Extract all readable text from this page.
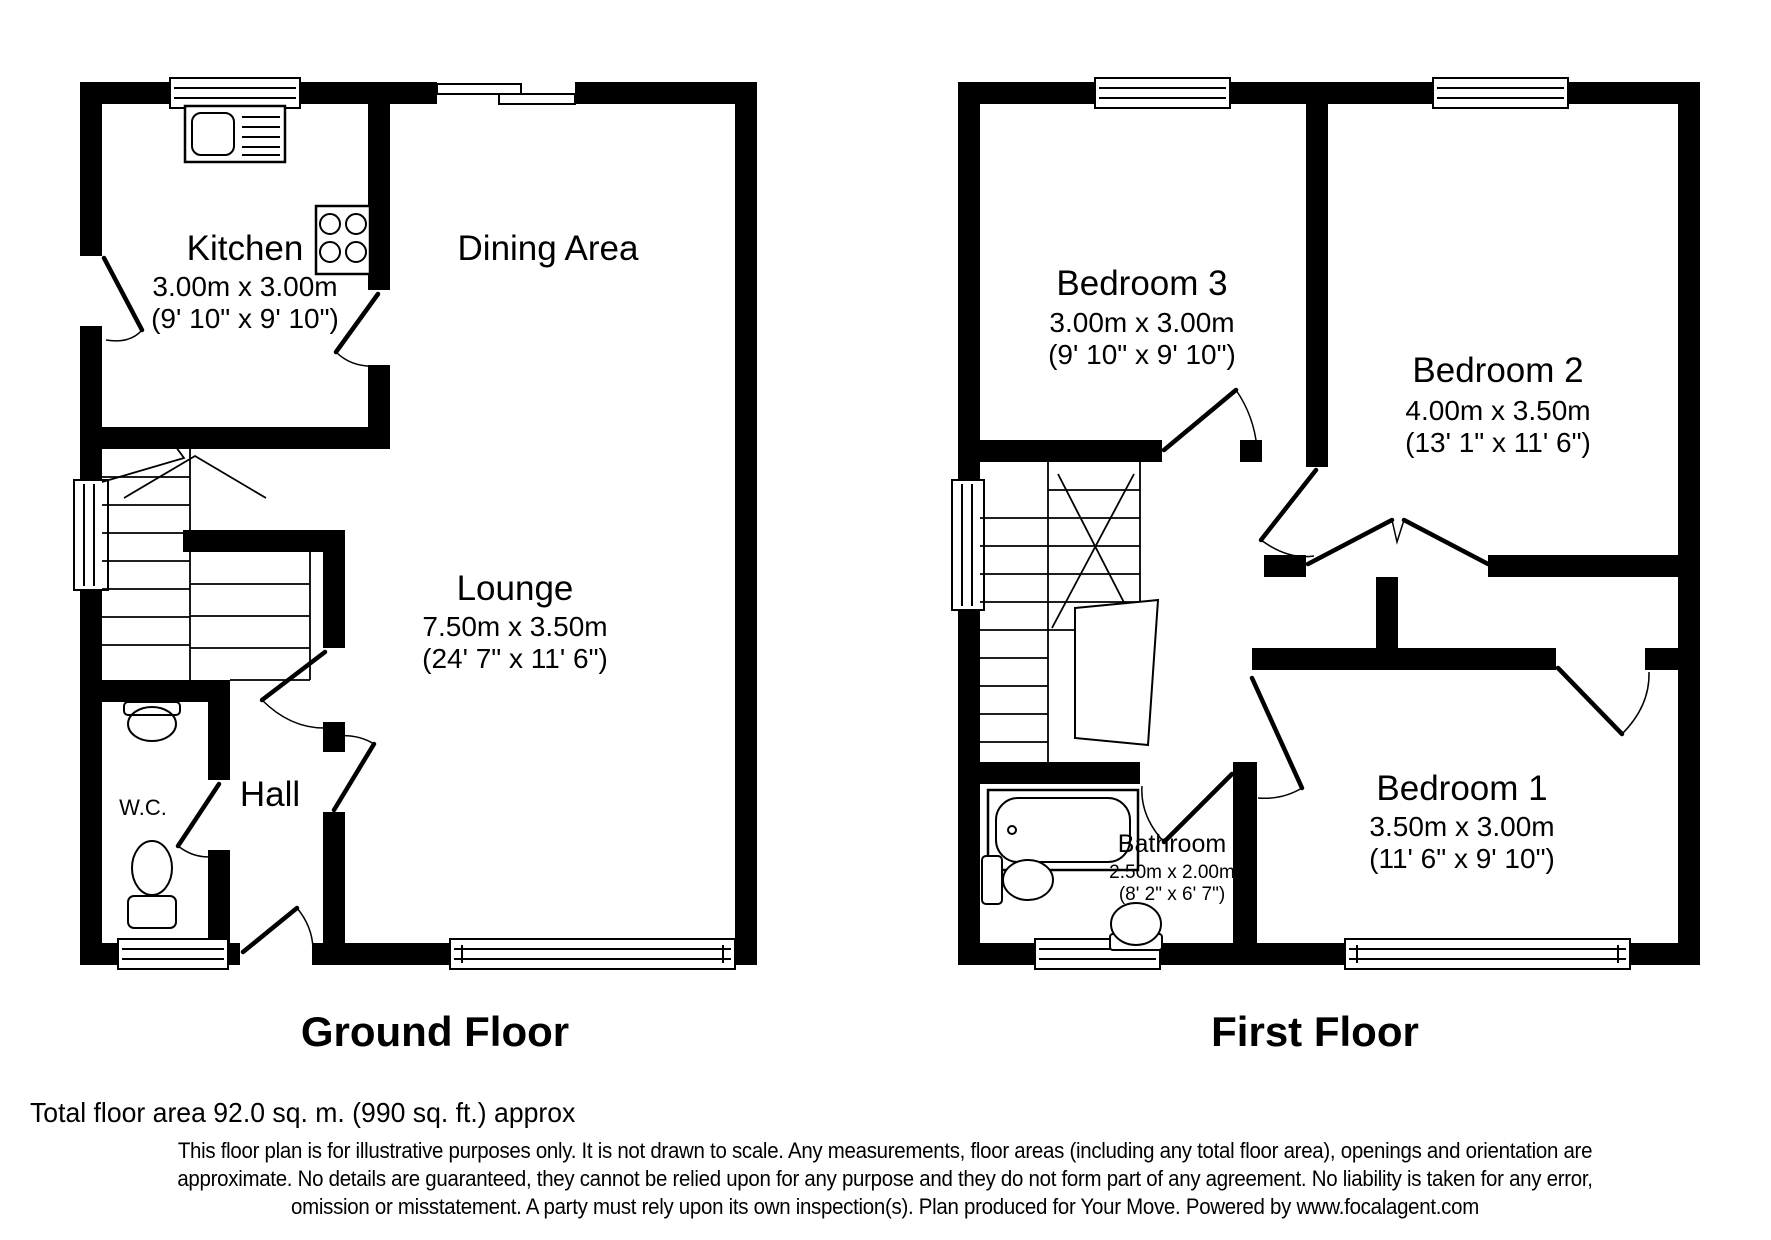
Kitchen
3.00m x 3.00m
(9' 10" x 9' 10")
Dining Area
Lounge
7.50m x 3.50m
(24' 7" x 11' 6")
Hall
W.C.
Ground Floor
Bedroom 3
3.00m x 3.00m
(9' 10" x 9' 10")	Bedroom 2
4.00m x 3.50m
(13' 1" x 11' 6")
Bedroom 1
3.50m x 3.00m
(11' 6" x 9' 10")
Bathroom
2.50m x 2.00m
(8' 2" x 6' 7")
First Floor
Total floor area 92.0 sq. m. (990 sq. ft.) approx
This floor plan is for illustrative purposes only. It is not drawn to scale. Any measurements, floor areas (including any total floor area), openings and orientation are
approximate. No details are guaranteed, they cannot be relied upon for any purpose and they do not form part of any agreement. No liability is taken for any error,
omission or misstatement. A party must rely upon its own inspection(s). Plan produced for Your Move. Powered by www.focalagent.com
